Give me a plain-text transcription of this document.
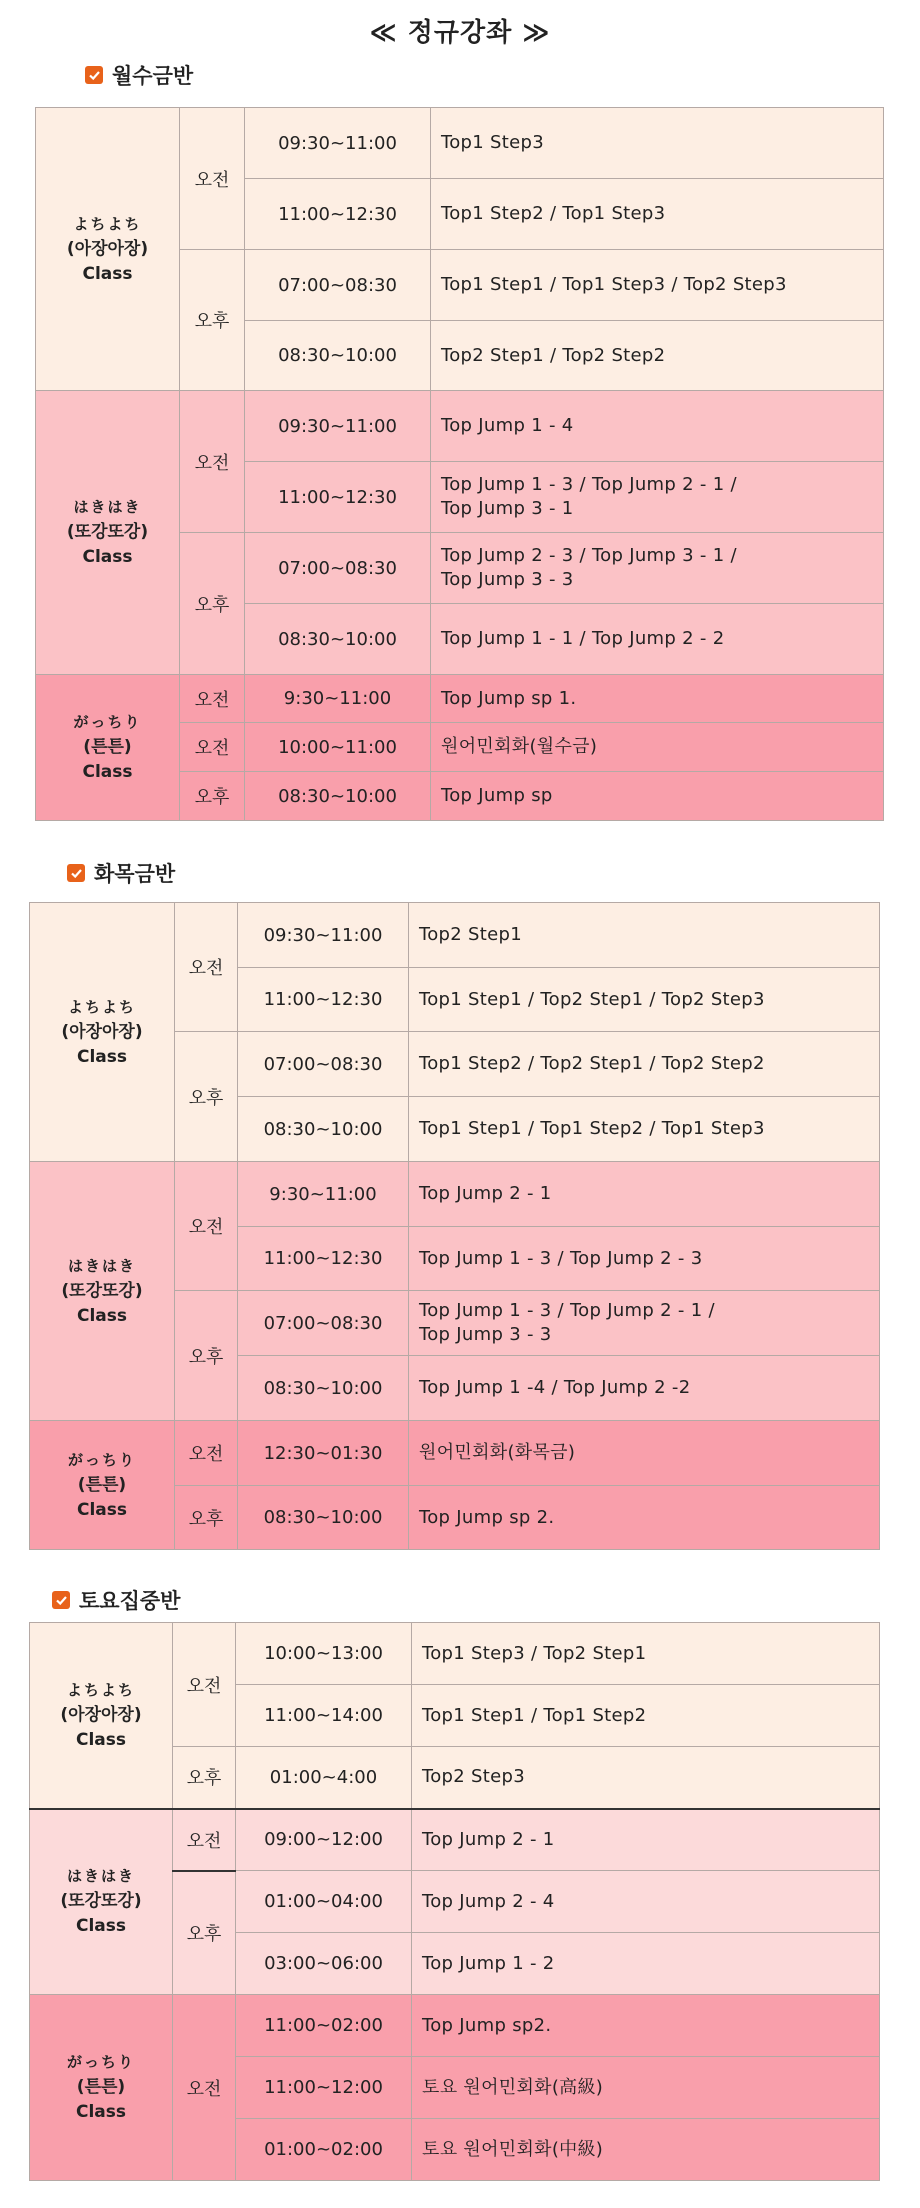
≪ 정규강좌 ≫
월수금반
よちよち
(아장아장)
Class	오전	09:30~11:00	Top1 Step3
		11:00~12:30	Top1 Step2 / Top1 Step3
	오후	07:00~08:30	Top1 Step1 / Top1 Step3 / Top2 Step3
		08:30~10:00	Top2 Step1 / Top2 Step2

はきはき
(또강또강)
Class	오전	09:30~11:00	Top Jump 1 - 4
		11:00~12:30	Top Jump 1 - 3 / Top Jump 2 - 1 /
Top Jump 3 - 1
	오후	07:00~08:30	Top Jump 2 - 3 / Top Jump 3 - 1 /
Top Jump 3 - 3
		08:30~10:00	Top Jump 1 - 1 / Top Jump 2 - 2

がっちり
(튼튼)
Class	오전	9:30~11:00	Top Jump sp 1.
	오전	10:00~11:00	원어민회화(월수금)
	오후	08:30~10:00	Top Jump sp
화목금반
よちよち
(아장아장)
Class	오전	09:30~11:00	Top2 Step1
		11:00~12:30	Top1 Step1 / Top2 Step1 / Top2 Step3
	오후	07:00~08:30	Top1 Step2 / Top2 Step1 / Top2 Step2
		08:30~10:00	Top1 Step1 / Top1 Step2 / Top1 Step3

はきはき
(또강또강)
Class	오전	9:30~11:00	Top Jump 2 - 1
		11:00~12:30	Top Jump 1 - 3 / Top Jump 2 - 3
	오후	07:00~08:30	Top Jump 1 - 3 / Top Jump 2 - 1 /
Top Jump 3 - 3
		08:30~10:00	Top Jump 1 -4 / Top Jump 2 -2

がっちり
(튼튼)
Class	오전	12:30~01:30	원어민회화(화목금)
	오후	08:30~10:00	Top Jump sp 2.
토요집중반
よちよち
(아장아장)
Class	오전	10:00~13:00	Top1 Step3 / Top2 Step1
		11:00~14:00	Top1 Step1 / Top1 Step2
	오후	01:00~4:00	Top2 Step3

はきはき
(또강또강)
Class	오전	09:00~12:00	Top Jump 2 - 1
	오후	01:00~04:00	Top Jump 2 - 4
		03:00~06:00	Top Jump 1 - 2

がっちり
(튼튼)
Class	오전	11:00~02:00	Top Jump sp2.
		11:00~12:00	토요 원어민회화(高級)
		01:00~02:00	토요 원어민회화(中級)
